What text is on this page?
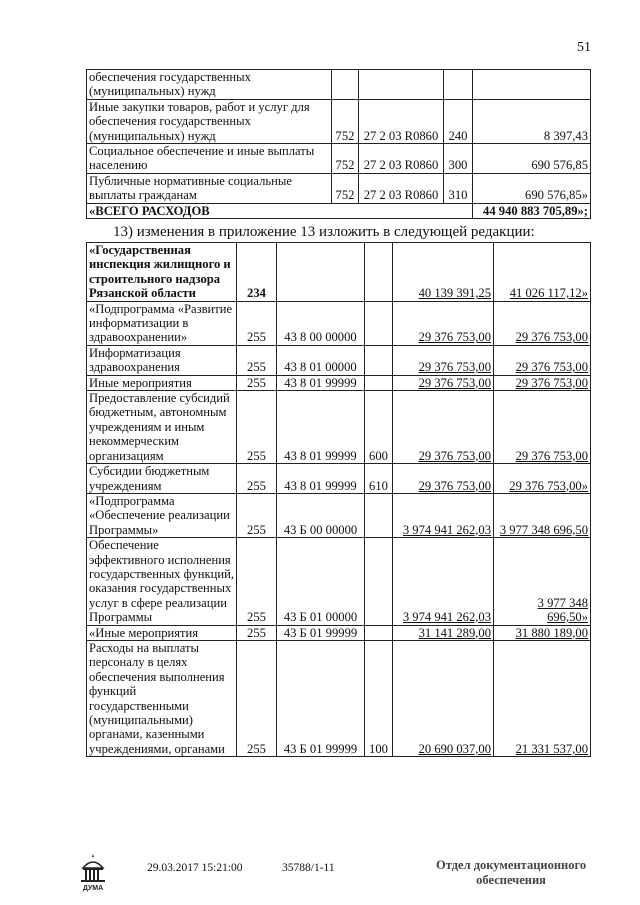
51
обеспечения государственных (муниципальных) нужд				
Иные закупки товаров, работ и услуг для обеспечения государственных (муниципальных) нужд	752	27 2 03 R0860	240	8 397,43
Социальное обеспечение и иные выплаты населению	752	27 2 03 R0860	300	690 576,85
Публичные нормативные социальные выплаты гражданам	752	27 2 03 R0860	310	690 576,85»
«ВСЕГО РАСХОДОВ				44 940 883 705,89»;
13) изменения в приложение 13 изложить в следующей редакции:
«Государственная инспекция жилищного и строительного надзора Рязанской области	234			40 139 391,25	41 026 117,12»
«Подпрограмма «Развитие информатизации в здравоохранении»	255	43 8 00 00000		29 376 753,00	29 376 753,00
Информатизация здравоохранения	255	43 8 01 00000		29 376 753,00	29 376 753,00
Иные мероприятия	255	43 8 01 99999		29 376 753,00	29 376 753,00
Предоставление субсидий бюджетным, автономным учреждениям и иным некоммерческим организациям	255	43 8 01 99999	600	29 376 753,00	29 376 753,00
Субсидии бюджетным учреждениям	255	43 8 01 99999	610	29 376 753,00	29 376 753,00»
«Подпрограмма «Обеспечение реализации Программы»	255	43 Б 00 00000		3 974 941 262,03	3 977 348 696,50
Обеспечение эффективного исполнения государственных функций, оказания государственных услуг в сфере реализации Программы	255	43 Б 01 00000		3 974 941 262,03	3 977 348 696,50»
«Иные мероприятия	255	43 Б 01 99999		31 141 289,00	31 880 189,00
Расходы на выплаты персоналу в целях обеспечения выполнения функций государственными (муниципальными) органами, казенными учреждениями, органами	255	43 Б 01 99999	100	20 690 037,00	21 331 537,00
ДУМА
29.03.2017 15:21:00	35788/1-11	Отдел документационного
обеспечения
